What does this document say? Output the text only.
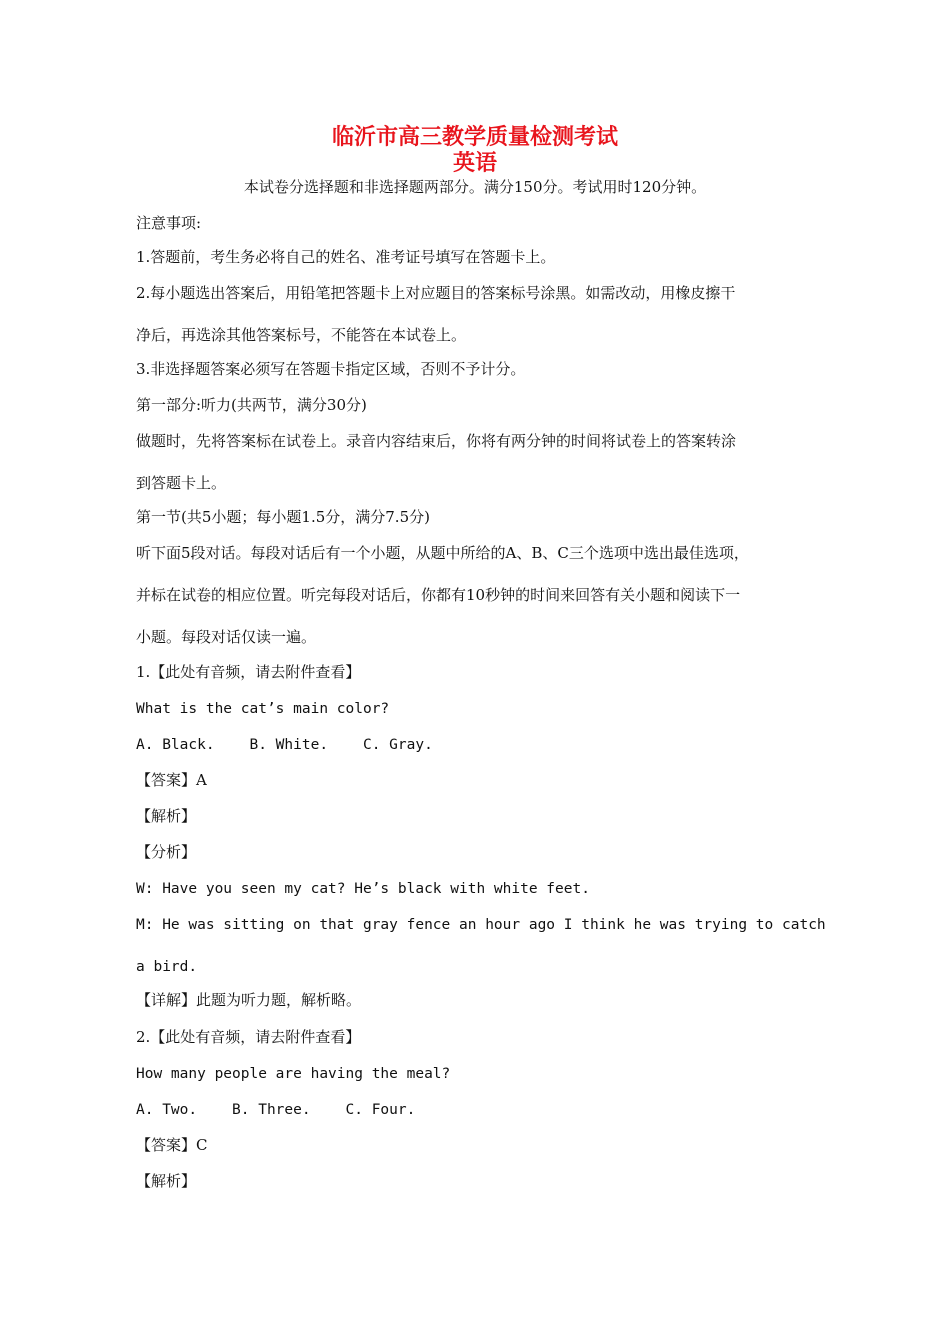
临沂市高三教学质量检测考试
英语
本试卷分选择题和非选择题两部分。满分150分。考试用时120分钟。
注意事项:
1.答题前，考生务必将自己的姓名、准考证号填写在答题卡上。
2.每小题选出答案后，用铅笔把答题卡上对应题目的答案标号涂黑。如需改动，用橡皮擦干
净后，再选涂其他答案标号，不能答在本试卷上。
3.非选择题答案必须写在答题卡指定区域，否则不予计分。
第一部分:听力(共两节，满分30分)
做题时，先将答案标在试卷上。录音内容结束后，你将有两分钟的时间将试卷上的答案转涂
到答题卡上。
第一节(共5小题；每小题1.5分，满分7.5分)
听下面5段对话。每段对话后有一个小题，从题中所给的A、B、C三个选项中选出最佳选项，
并标在试卷的相应位置。听完每段对话后，你都有10秒钟的时间来回答有关小题和阅读下一
小题。每段对话仅读一遍。
1.【此处有音频，请去附件查看】
What is the cat’s main color?
A. Black.    B. White.    C. Gray.
【答案】A
【解析】
【分析】
W: Have you seen my cat? He’s black with white feet.
M: He was sitting on that gray fence an hour ago I think he was trying to catch
a bird.
【详解】此题为听力题，解析略。
2.【此处有音频，请去附件查看】
How many people are having the meal?
A. Two.    B. Three.    C. Four.
【答案】C
【解析】
